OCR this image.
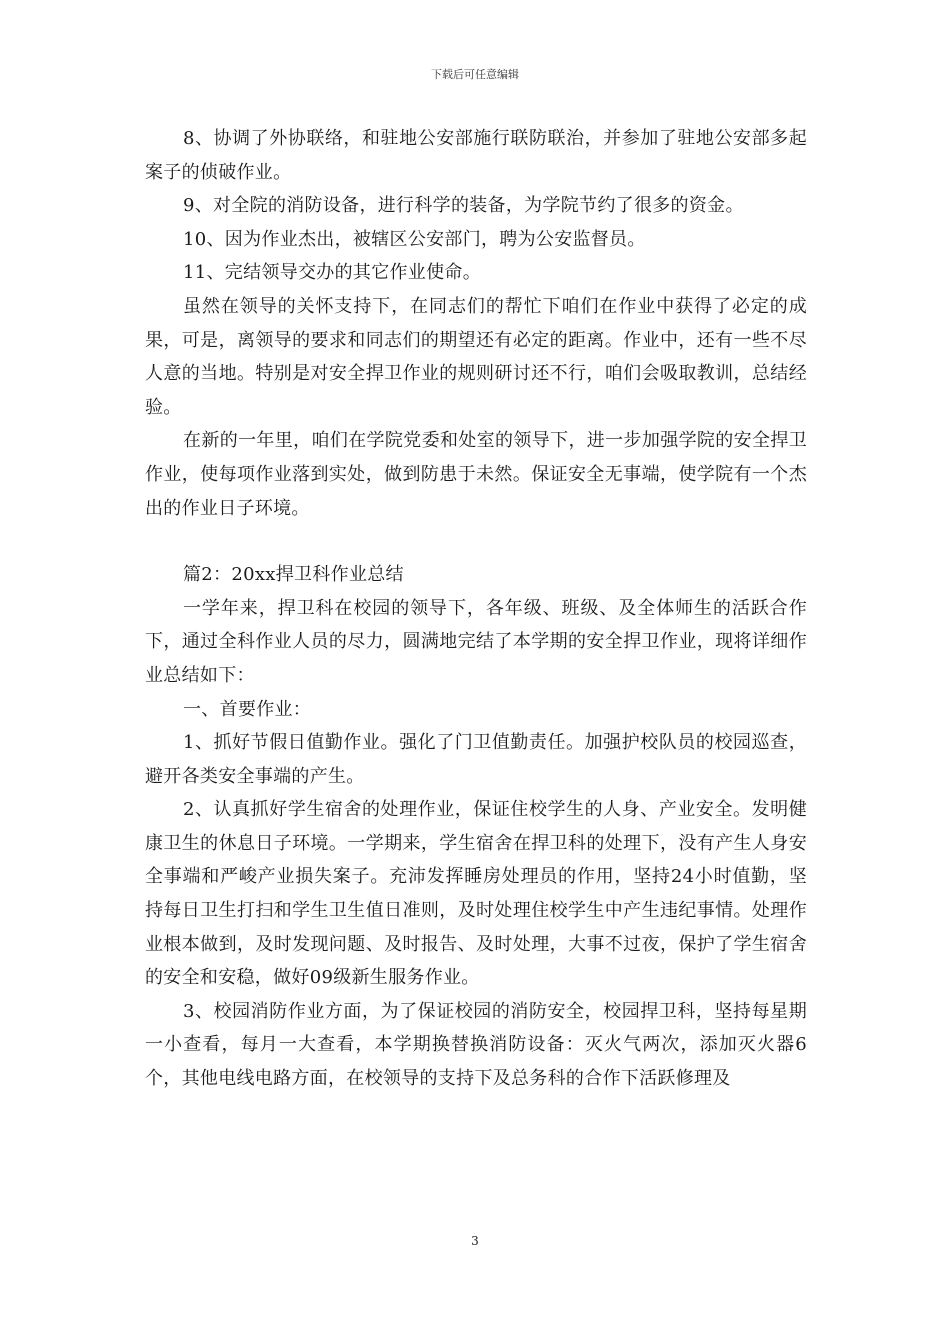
下载后可任意编辑

8、协调了外协联络，和驻地公安部施行联防联治，并参加了驻地公安部多起案子的侦破作业。

9、对全院的消防设备，进行科学的装备，为学院节约了很多的资金。

10、因为作业杰出，被辖区公安部门，聘为公安监督员。

11、完结领导交办的其它作业使命。

虽然在领导的关怀支持下，在同志们的帮忙下咱们在作业中获得了必定的成果，可是，离领导的要求和同志们的期望还有必定的距离。作业中，还有一些不尽人意的当地。特别是对安全捍卫作业的规则研讨还不行，咱们会吸取教训，总结经验。

在新的一年里，咱们在学院党委和处室的领导下，进一步加强学院的安全捍卫作业，使每项作业落到实处，做到防患于未然。保证安全无事端，使学院有一个杰出的作业日子环境。

篇2：20xx捍卫科作业总结

一学年来，捍卫科在校园的领导下，各年级、班级、及全体师生的活跃合作下，通过全科作业人员的尽力，圆满地完结了本学期的安全捍卫作业，现将详细作业总结如下：

一、首要作业：

1、抓好节假日值勤作业。强化了门卫值勤责任。加强护校队员的校园巡查，避开各类安全事端的产生。

2、认真抓好学生宿舍的处理作业，保证住校学生的人身、产业安全。发明健康卫生的休息日子环境。一学期来，学生宿舍在捍卫科的处理下，没有产生人身安全事端和严峻产业损失案子。充沛发挥睡房处理员的作用，坚持24小时值勤，坚持每日卫生打扫和学生卫生值日准则，及时处理住校学生中产生违纪事情。处理作业根本做到，及时发现问题、及时报告、及时处理，大事不过夜，保护了学生宿舍的安全和安稳，做好09级新生服务作业。

3、校园消防作业方面，为了保证校园的消防安全，校园捍卫科，坚持每星期一小查看，每月一大查看，本学期换替换消防设备：灭火气两次，添加灭火器6个，其他电线电路方面，在校领导的支持下及总务科的合作下活跃修理及

3
